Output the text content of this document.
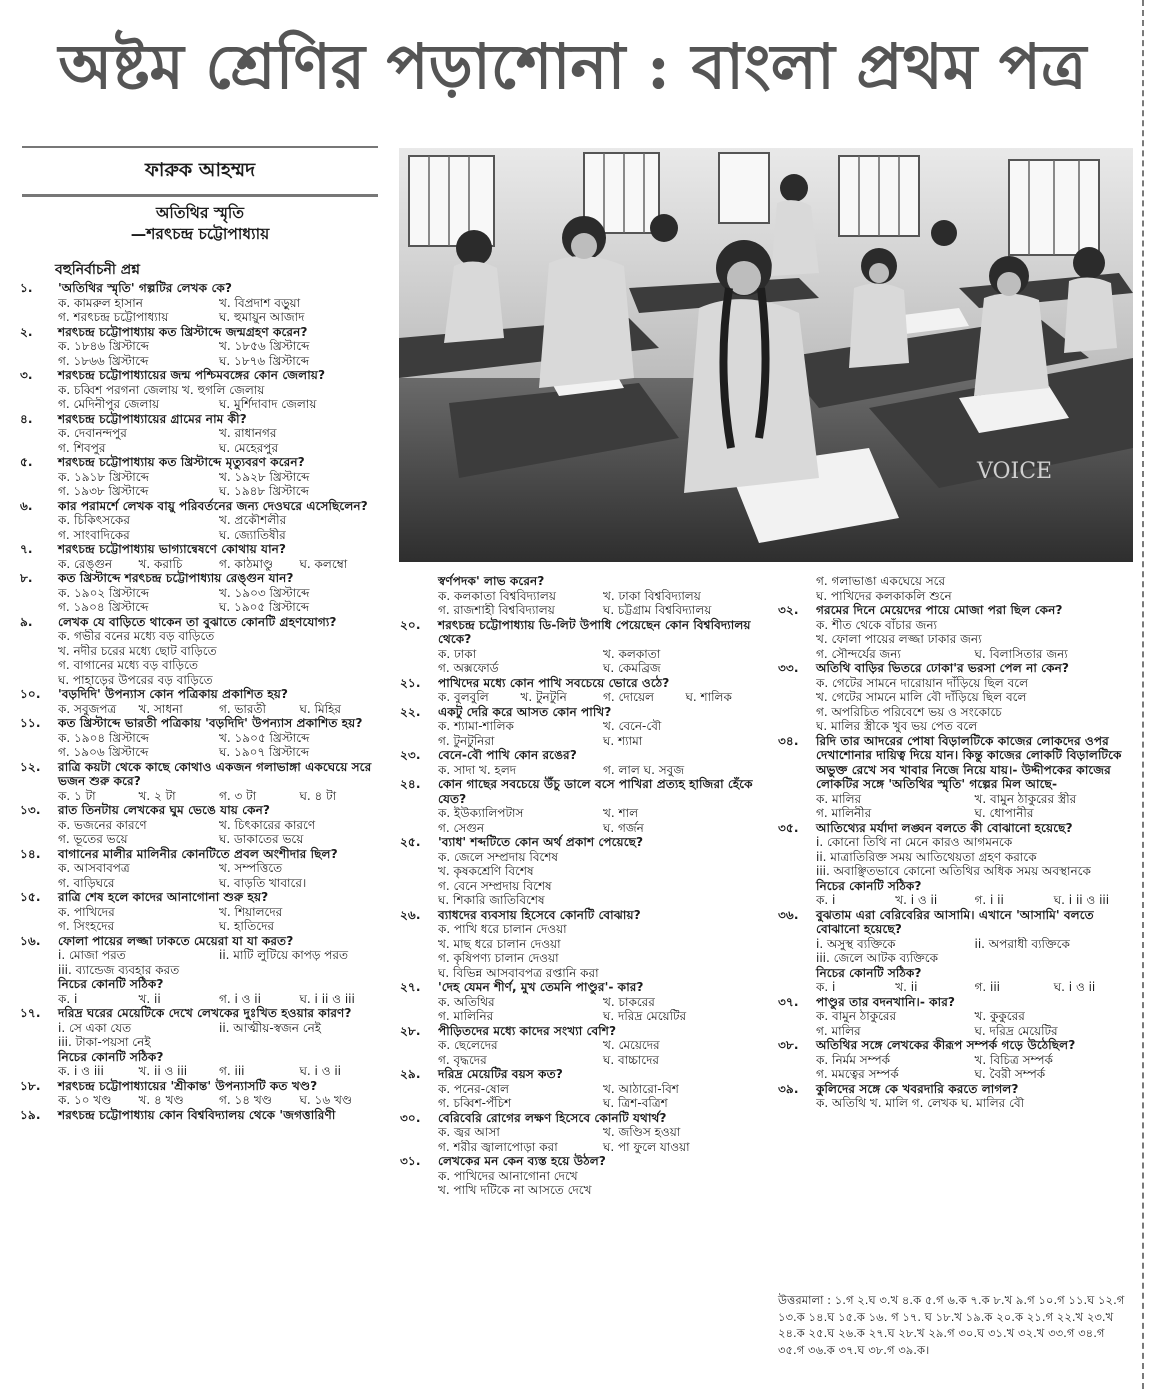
অষ্টম শ্রেণির পড়াশোনা : বাংলা প্রথম পত্র
ফারুক আহম্মদ
অতিথির স্মৃতি
—শরৎচন্দ্র চট্টোপাধ্যায়
বহুনির্বাচনী প্রশ্ন
VOICE
১.	'অতিথির স্মৃতি' গল্পটির লেখক কে?
ক. কামরুল হাসান	খ. বিপ্রদাশ বড়ুয়া
গ. শরৎচন্দ্র চট্টোপাধ্যায়	ঘ. হুমায়ুন আজাদ
২.	শরৎচন্দ্র চট্টোপাধ্যায় কত খ্রিস্টাব্দে জন্মগ্রহণ করেন?
ক. ১৮৪৬ খ্রিস্টাব্দে	খ. ১৮৫৬ খ্রিস্টাব্দে
গ. ১৮৬৬ খ্রিস্টাব্দে	ঘ. ১৮৭৬ খ্রিস্টাব্দে
৩.	শরৎচন্দ্র চট্টোপাধ্যায়ের জন্ম পশ্চিমবঙ্গের কোন জেলায়?
ক. চব্বিশ পরগনা জেলায় খ. হুগলি জেলায়
গ. মেদিনীপুর জেলায়	ঘ. মুর্শিদাবাদ জেলায়
৪.	শরৎচন্দ্র চট্টোপাধ্যায়ের গ্রামের নাম কী?
ক. দেবানন্দপুর	খ. রাধানগর
গ. শিবপুর	ঘ. মেহেরপুর
৫.	শরৎচন্দ্র চট্টোপাধ্যায় কত খ্রিস্টাব্দে মৃত্যুবরণ করেন?
ক. ১৯১৮ খ্রিস্টাব্দে	খ. ১৯২৮ খ্রিস্টাব্দে
গ. ১৯৩৮ খ্রিস্টাব্দে	ঘ. ১৯৪৮ খ্রিস্টাব্দে
৬.	কার পরামর্শে লেখক বায়ু পরিবর্তনের জন্য দেওঘরে এসেছিলেন?
ক. চিকিৎসকের	খ. প্রকৌশলীর
গ. সাংবাদিকের	ঘ. জ্যোতিষীর
৭.	শরৎচন্দ্র চট্টোপাধ্যায় ভাগ্যান্বেষণে কোথায় যান?
ক. রেঙ্গুন	খ. করাচি	গ. কাঠমাণ্ডু	ঘ. কলম্বো
৮.	কত খ্রিস্টাব্দে শরৎচন্দ্র চট্টোপাধ্যায় রেঙ্গুন যান?
ক. ১৯০২ খ্রিস্টাব্দে	খ. ১৯০৩ খ্রিস্টাব্দে
গ. ১৯০৪ খ্রিস্টাব্দে	ঘ. ১৯০৫ খ্রিস্টাব্দে
৯.	লেখক যে বাড়িতে থাকেন তা বুঝাতে কোনটি গ্রহণযোগ্য?
ক. গভীর বনের মধ্যে বড় বাড়িতে
খ. নদীর চরের মধ্যে ছোট বাড়িতে
গ. বাগানের মধ্যে বড় বাড়িতে
ঘ. পাহাড়ের উপরের বড় বাড়িতে
১০.	'বড়দিদি' উপন্যাস কোন পত্রিকায় প্রকাশিত হয়?
ক. সবুজপত্র	খ. সাধনা	গ. ভারতী	ঘ. মিহির
১১.	কত খ্রিস্টাব্দে ভারতী পত্রিকায় 'বড়দিদি' উপন্যাস প্রকাশিত হয়?
ক. ১৯০৪ খ্রিস্টাব্দে	খ. ১৯০৫ খ্রিস্টাব্দে
গ. ১৯০৬ খ্রিস্টাব্দে	ঘ. ১৯০৭ খ্রিস্টাব্দে
১২.	রাত্রি কয়টা থেকে কাছে কোথাও একজন গলাভাঙ্গা একঘেয়ে সরে ভজন শুরু করে?
ক. ১ টা	খ. ২ টা	গ. ৩ টা	ঘ. ৪ টা
১৩.	রাত তিনটায় লেখকের ঘুম ভেঙে যায় কেন?
ক. ভজনের কারণে	খ. চিৎকারের কারণে
গ. ভূতের ভয়ে	ঘ. ডাকাতের ভয়ে
১৪.	বাগানের মালীর মালিনীর কোনটিতে প্রবল অংশীদার ছিল?
ক. আসবাবপত্র	খ. সম্পত্তিতে
গ. বাড়িঘরে	ঘ. বাড়তি খাবারে।
১৫.	রাত্রি শেষ হলে কাদের আনাগোনা শুরু হয়?
ক. পাখিদের	খ. শিয়ালদের
গ. সিংহদের	ঘ. হাতিদের
১৬.	ফোলা পায়ের লজ্জা ঢাকতে মেয়েরা যা যা করত?
i. মোজা পরত	ii. মাটি লুটিয়ে কাপড় পরত
iii. ব্যান্ডেজ ব্যবহার করত
নিচের কোনটি সঠিক?
ক. i	খ. ii	গ. i ও ii	ঘ. i ii ও iii
১৭.	দরিদ্র ঘরের মেয়েটিকে দেখে লেখকের দুঃখিত হওয়ার কারণ?
i. সে একা যেত	ii. আত্মীয়-স্বজন নেই
iii. টাকা-পয়সা নেই
নিচের কোনটি সঠিক?
ক. i ও iii	খ. ii ও iii	গ. iii	ঘ. i ও ii
১৮.	শরৎচন্দ্র চট্টোপাধ্যায়ের 'শ্রীকান্ত' উপন্যাসটি কত খণ্ড?
ক. ১০ খণ্ড	খ. ৪ খণ্ড	গ. ১৪ খণ্ড	ঘ. ১৬ খণ্ড
১৯.	শরৎচন্দ্র চট্টোপাধ্যায় কোন বিশ্ববিদ্যালয় থেকে 'জগত্তারিণী
স্বর্ণপদক' লাভ করেন?
ক. কলকাতা বিশ্ববিদ্যালয়	খ. ঢাকা বিশ্ববিদ্যালয়
গ. রাজশাহী বিশ্ববিদ্যালয়	ঘ. চট্টগ্রাম বিশ্ববিদ্যালয়
২০.	শরৎচন্দ্র চট্টোপাধ্যায় ডি-লিট উপাধি পেয়েছেন কোন বিশ্ববিদ্যালয় থেকে?
ক. ঢাকা	খ. কলকাতা
গ. অক্সফোর্ড	ঘ. কেমব্রিজ
২১.	পাখিদের মধ্যে কোন পাখি সবচেয়ে ভোরে ওঠে?
ক. বুলবুলি	খ. টুনটুনি	গ. দোয়েল	ঘ. শালিক
২২.	একটু দেরি করে আসত কোন পাখি?
ক. শ্যামা-শালিক	খ. বেনে-বৌ
গ. টুনটুনিরা	ঘ. শ্যামা
২৩.	বেনে-বৌ পাখি কোন রঙের?
ক. সাদা খ. হলদ	গ. লাল ঘ. সবুজ
২৪.	কোন গাছের সবচেয়ে উঁচু ডালে বসে পাখিরা প্রত্যহ হাজিরা হেঁকে যেত?
ক. ইউক্যালিপটাস	খ. শাল
গ. সেগুন	ঘ. গর্জন
২৫.	'ব্যাধ' শব্দটিতে কোন অর্থ প্রকাশ পেয়েছে?
ক. জেলে সম্প্রদায় বিশেষ
খ. কৃষকশ্রেণি বিশেষ
গ. বেনে সম্প্রদায় বিশেষ
ঘ. শিকারি জাতিবিশেষ
২৬.	ব্যাধদের ব্যবসায় হিসেবে কোনটি বোঝায়?
ক. পাখি ধরে চালান দেওয়া
খ. মাছ ধরে চালান দেওয়া
গ. কৃষিপণ্য চালান দেওয়া
ঘ. বিভিন্ন আসবাবপত্র রপ্তানি করা
২৭.	'দেহ যেমন শীর্ণ, মুখ তেমনি পাণ্ডুর'- কার?
ক. অতিথির	খ. চাকরের
গ. মালিনির	ঘ. দরিদ্র মেয়েটির
২৮.	পীড়িতদের মধ্যে কাদের সংখ্যা বেশি?
ক. ছেলেদের	খ. মেয়েদের
গ. বৃদ্ধদের	ঘ. বাচ্চাদের
২৯.	দরিদ্র মেয়েটির বয়স কত?
ক. পনের-ষোল	খ. আঠারো-বিশ
গ. চব্বিশ-পঁচিশ	ঘ. ত্রিশ-বত্রিশ
৩০.	বেরিবেরি রোগের লক্ষণ হিসেবে কোনটি যথার্থ?
ক. জ্বর আসা	খ. জণ্ডিস হওয়া
গ. শরীর জ্বালাপোড়া করা	ঘ. পা ফুলে যাওয়া
৩১.	লেখকের মন কেন ব্যস্ত হয়ে উঠল?
ক. পাখিদের আনাগোনা দেখে
খ. পাখি দটিকে না আসতে দেখে
গ. গলাভাঙা একঘেয়ে সরে
ঘ. পাখিদের কলকাকলি শুনে
৩২.	গরমের দিনে মেয়েদের পায়ে মোজা পরা ছিল কেন?
ক. শীত থেকে বাঁচার জন্য
খ. ফোলা পায়ের লজ্জা ঢাকার জন্য
গ. সৌন্দর্যের জন্য	ঘ. বিলাসিতার জন্য
৩৩.	অতিথি বাড়ির ভিতরে ঢোকা'র ভরসা পেল না কেন?
ক. গেটের সামনে দারোয়ান দাঁড়িয়ে ছিল বলে
খ. গেটের সামনে মালি বৌ দাঁড়িয়ে ছিল বলে
গ. অপরিচিত পরিবেশে ভয় ও সংকোচে
ঘ. মালির স্ত্রীকে খুব ভয় পেত বলে
৩৪.	রিদি তার আদরের পোষা বিড়ালটিকে কাজের লোকদের ওপর দেখাশোনার দায়িত্ব দিয়ে যান। কিন্তু কাজের লোকটি বিড়ালটিকে অভুক্ত রেখে সব খাবার নিজে নিয়ে যায়।- উদ্দীপকের কাজের লোকটির সঙ্গে 'অতিথির স্মৃতি' গল্পের মিল আছে-
ক. মালির	খ. বামুন ঠাকুরের স্ত্রীর
গ. মালিনীর	ঘ. ধোপানীর
৩৫.	আতিথ্যের মর্যাদা লঙ্ঘন বলতে কী বোঝানো হয়েছে?
i. কোনো তিথি না মেনে কারও আগমনকে
ii. মাত্রাতিরিক্ত সময় আতিথেয়তা গ্রহণ করাকে
iii. অবাঞ্ছিতভাবে কোনো অতিথির অধিক সময় অবস্থানকে
নিচের কোনটি সঠিক?
ক. i	খ. i ও ii	গ. i ii	ঘ. i ii ও iii
৩৬.	বুঝতাম এরা বেরিবেরির আসামি। এখানে 'আসামি' বলতে বোঝানো হয়েছে?
i. অসুস্থ ব্যক্তিকে	ii. অপরাধী ব্যক্তিকে
iii. জেলে আটক ব্যক্তিকে
নিচের কোনটি সঠিক?
ক. i	খ. ii	গ. iii	ঘ. i ও ii
৩৭.	পাণ্ডুর তার বদনখানি।- কার?
ক. বামুন ঠাকুরের	খ. কুকুরের
গ. মালির	ঘ. দরিদ্র মেয়েটির
৩৮.	অতিথির সঙ্গে লেখকের কীরূপ সম্পর্ক গড়ে উঠেছিল?
ক. নির্মম সম্পর্ক	খ. বিচিত্র সম্পর্ক
গ. মমত্বের সম্পর্ক	ঘ. বৈরী সম্পর্ক
৩৯.	কুলিদের সঙ্গে কে খবরদারি করতে লাগল?
ক. অতিথি খ. মালি গ. লেখক ঘ. মালির বৌ
উত্তরমালা : ১.গ ২.ঘ ৩.খ ৪.ক ৫.গ ৬.ক ৭.ক ৮.খ ৯.গ ১০.গ ১১.ঘ ১২.গ ১৩.ক ১৪.ঘ ১৫.ক ১৬. গ ১৭. ঘ ১৮.খ ১৯.ক ২০.ক ২১.গ ২২.খ ২৩.খ ২৪.ক ২৫.ঘ ২৬.ক ২৭.ঘ ২৮.খ ২৯.গ ৩০.ঘ ৩১.খ ৩২.খ ৩৩.গ ৩৪.গ ৩৫.গ ৩৬.ক ৩৭.ঘ ৩৮.গ ৩৯.ক।
